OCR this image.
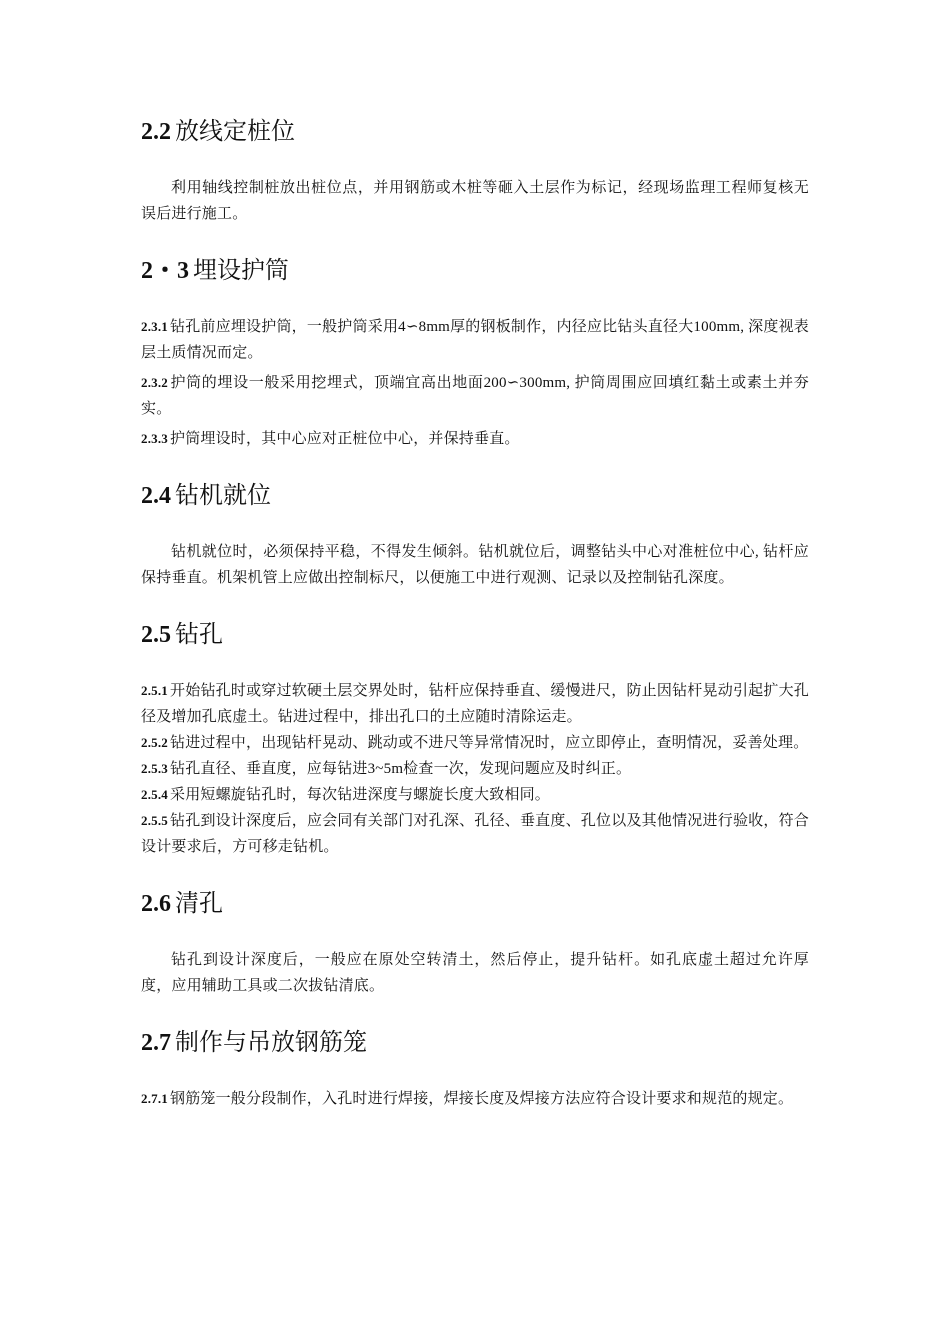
2.2 放线定桩位

利用轴线控制桩放出桩位点，并用钢筋或木桩等砸入土层作为标记，经现场监理工程师复核无误后进行施工。

2・3 埋设护筒

2.3.1 钻孔前应埋设护筒，一般护筒采用4∽8mm厚的钢板制作，内径应比钻头直径大100mm, 深度视表层土质情况而定。

2.3.2 护筒的埋设一般采用挖埋式，顶端宜高出地面200∽300mm, 护筒周围应回填红黏土或素土并夯实。

2.3.3 护筒埋设时，其中心应对正桩位中心，并保持垂直。

2.4 钻机就位

钻机就位时，必须保持平稳，不得发生倾斜。钻机就位后，调整钻头中心对准桩位中心, 钻杆应保持垂直。机架机管上应做出控制标尺，以便施工中进行观测、记录以及控制钻孔深度。

2.5 钻孔

2.5.1 开始钻孔时或穿过软硬土层交界处时，钻杆应保持垂直、缓慢进尺，防止因钻杆晃动引起扩大孔径及增加孔底虚土。钻进过程中，排出孔口的土应随时清除运走。

2.5.2 钻进过程中，出现钻杆晃动、跳动或不进尺等异常情况时，应立即停止，查明情况，妥善处理。

2.5.3 钻孔直径、垂直度，应每钻进3~5m检查一次，发现问题应及时纠正。

2.5.4 采用短螺旋钻孔时，每次钻进深度与螺旋长度大致相同。

2.5.5 钻孔到设计深度后，应会同有关部门对孔深、孔径、垂直度、孔位以及其他情况进行验收，符合设计要求后，方可移走钻机。

2.6 清孔

钻孔到设计深度后，一般应在原处空转清土，然后停止，提升钻杆。如孔底虚土超过允许厚度，应用辅助工具或二次拔钻清底。

2.7 制作与吊放钢筋笼

2.7.1 钢筋笼一般分段制作，入孔时进行焊接，焊接长度及焊接方法应符合设计要求和规范的规定。
